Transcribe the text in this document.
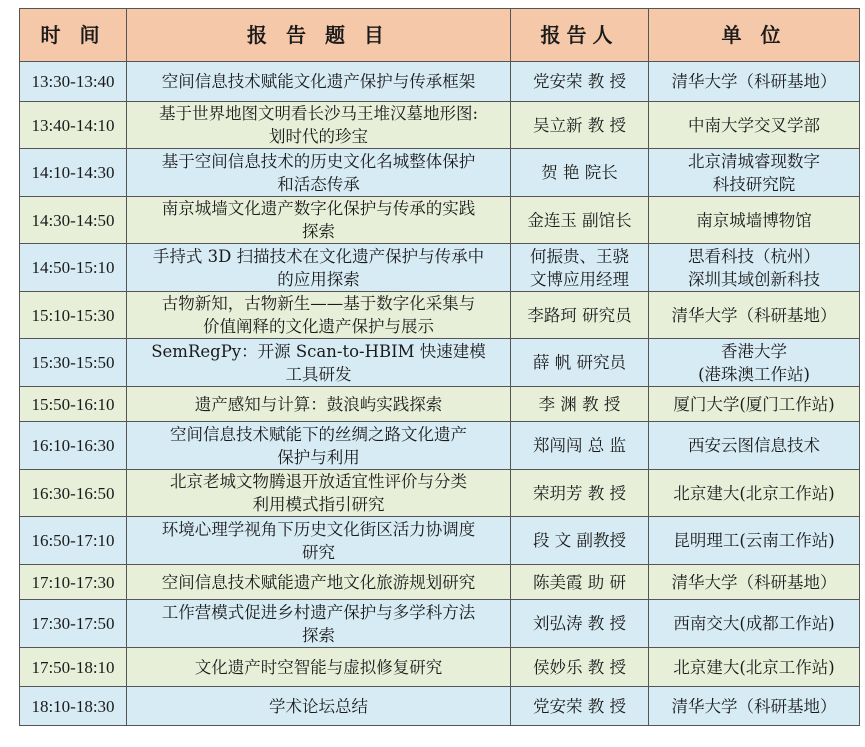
时 间	报 告 题 目	报告人	单 位
13:30-13:40	空间信息技术赋能文化遗产保护与传承框架	党安荣 教 授	清华大学（科研基地）

13:40-14:10	基于世界地图文明看长沙马王堆汉墓地形图:
划时代的珍宝	吴立新 教 授	中南大学交叉学部

14:10-14:30	基于空间信息技术的历史文化名城整体保护
和活态传承	贺 艳 院长	北京清城睿现数字
科技研究院

14:30-14:50	南京城墙文化遗产数字化保护与传承的实践
探索	金连玉 副馆长	南京城墙博物馆

14:50-15:10	手持式 3D 扫描技术在文化遗产保护与传承中
的应用探索	何振贵、王骁
文博应用经理	思看科技（杭州）
深圳其域创新科技

15:10-15:30	古物新知，古物新生——基于数字化采集与
价值阐释的文化遗产保护与展示	李路珂 研究员	清华大学（科研基地）

15:30-15:50	SemRegPy：开源 Scan-to-HBIM 快速建模
工具研发	薛 帆 研究员	香港大学
(港珠澳工作站)

15:50-16:10	遗产感知与计算：鼓浪屿实践探索	李 渊 教 授	厦门大学(厦门工作站)

16:10-16:30	空间信息技术赋能下的丝绸之路文化遗产
保护与利用	郑闯闯 总 监	西安云图信息技术

16:30-16:50	北京老城文物腾退开放适宜性评价与分类
利用模式指引研究	荣玥芳 教 授	北京建大(北京工作站)

16:50-17:10	环境心理学视角下历史文化街区活力协调度
研究	段 文 副教授	昆明理工(云南工作站)

17:10-17:30	空间信息技术赋能遗产地文化旅游规划研究	陈美霞 助 研	清华大学（科研基地）

17:30-17:50	工作营模式促进乡村遗产保护与多学科方法
探索	刘弘涛 教 授	西南交大(成都工作站)

17:50-18:10	文化遗产时空智能与虚拟修复研究	侯妙乐 教 授	北京建大(北京工作站)

18:10-18:30	学术论坛总结	党安荣 教 授	清华大学（科研基地）
